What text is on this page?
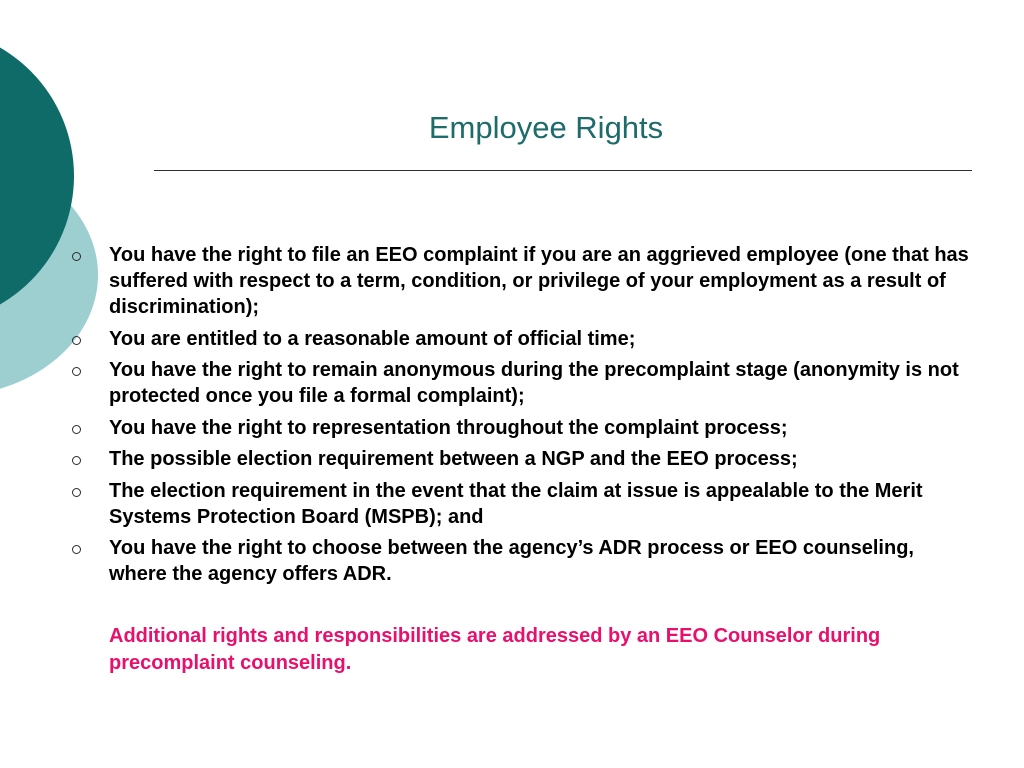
Employee Rights
You have the right to file an EEO complaint if you are an aggrieved employee (one that has suffered with respect to a term, condition, or privilege of your employment as a result of discrimination);
You are entitled to a reasonable amount of official time;
You have the right to remain anonymous during the precomplaint stage (anonymity is not protected once you file a formal complaint);
You have the right to representation throughout the complaint process;
The possible election requirement between a NGP and the EEO process;
The election requirement in the event that the claim at issue is appealable to the Merit Systems Protection Board (MSPB); and
You have the right to choose between the agency’s ADR process or EEO counseling, where the agency offers ADR.

Additional rights and responsibilities are addressed by an EEO Counselor during precomplaint counseling.
